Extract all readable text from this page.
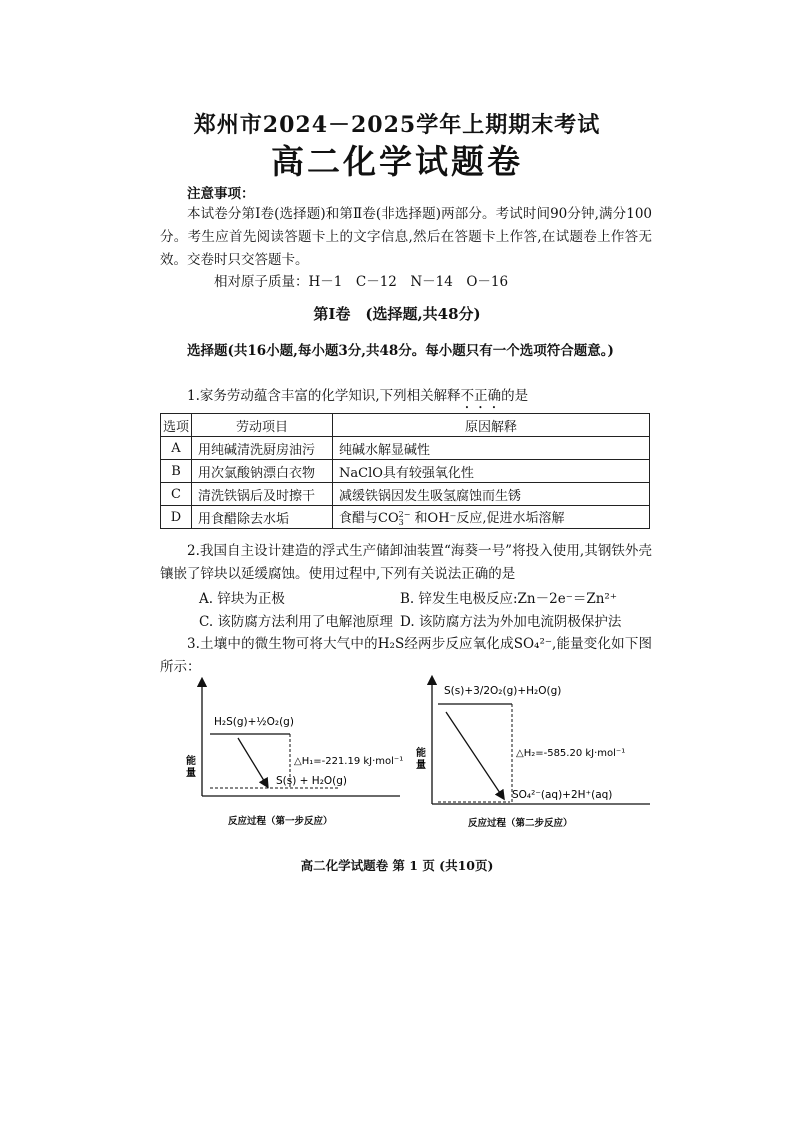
郑州市2024－2025学年上期期末考试
高二化学试题卷
注意事项：
本试卷分第Ⅰ卷(选择题)和第Ⅱ卷(非选择题)两部分。考试时间90分钟,满分100分。考生应首先阅读答题卡上的文字信息,然后在答题卡上作答,在试题卷上作答无效。交卷时只交答题卡。
相对原子质量：H－1　C－12　N－14　O－16
第Ⅰ卷　(选择题,共48分)
选择题(共16小题,每小题3分,共48分。每小题只有一个选项符合题意。)
1.家务劳动蕴含丰富的化学知识,下列相关解释不正确的是
选项	劳动项目	原因解释
A	用纯碱清洗厨房油污	纯碱水解显碱性
B	用次氯酸钠漂白衣物	NaClO具有较强氧化性
C	清洗铁锅后及时擦干	减缓铁锅因发生吸氢腐蚀而生锈
D	用食醋除去水垢	食醋与CO 2−
3 和OH⁻反应,促进水垢溶解
2.我国自主设计建造的浮式生产储卸油装置“海葵一号”将投入使用,其钢铁外壳镶嵌了锌块以延缓腐蚀。使用过程中,下列有关说法正确的是
A. 锌块为正极	B. 锌发生电极反应:Zn－2e⁻＝Zn²⁺
C. 该防腐方法利用了电解池原理 D. 该防腐方法为外加电流阴极保护法
3.土壤中的微生物可将大气中的H₂S经两步反应氧化成SO₄²⁻,能量变化如下图所示：
能 量
H₂S(g)+½O₂(g)
△H₁=-221.19 kJ·mol⁻¹
S(s) + H₂O(g)
反应过程（第一步反应）
能 量
S(s)+3/2O₂(g)+H₂O(g)
△H₂=-585.20 kJ·mol⁻¹
SO₄²⁻(aq)+2H⁺(aq)
反应过程（第二步反应）
高二化学试题卷 第 1 页 (共10页)
